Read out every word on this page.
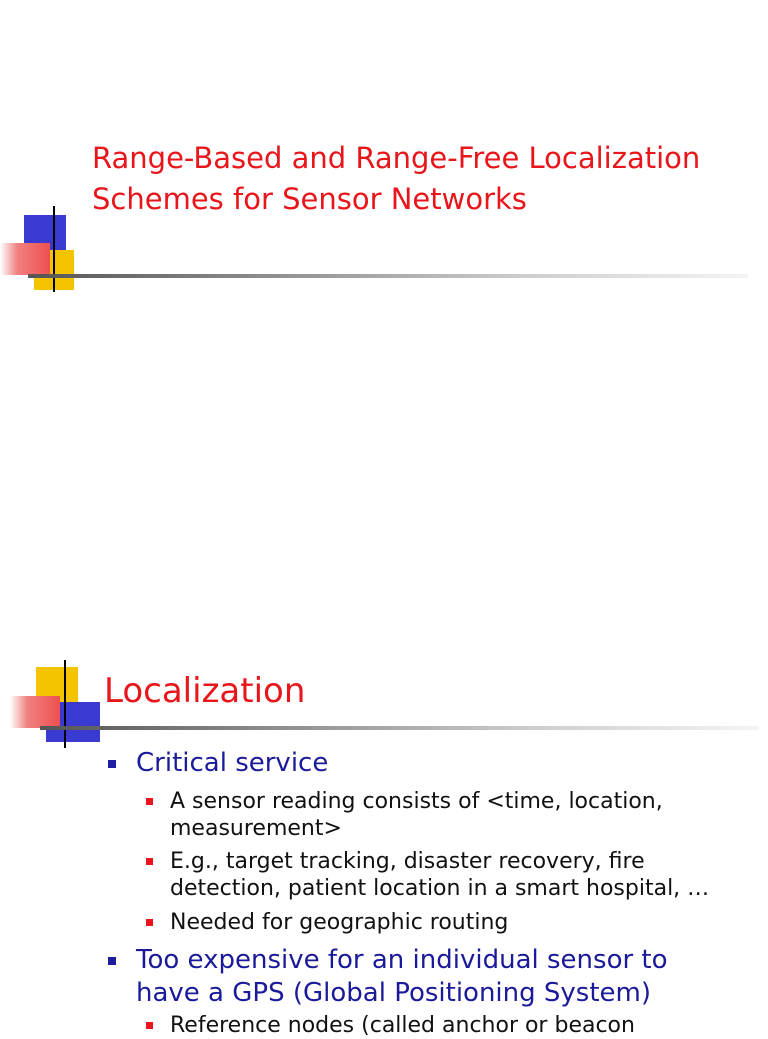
Range-Based and Range-Free Localization Schemes for Sensor Networks
Localization
Critical service
A sensor reading consists of <time, location, measurement>
E.g., target tracking, disaster recovery, fire detection, patient location in a smart hospital, …
Needed for geographic routing
Too expensive for an individual sensor to have a GPS (Global Positioning System)
Reference nodes (called anchor or beacon
